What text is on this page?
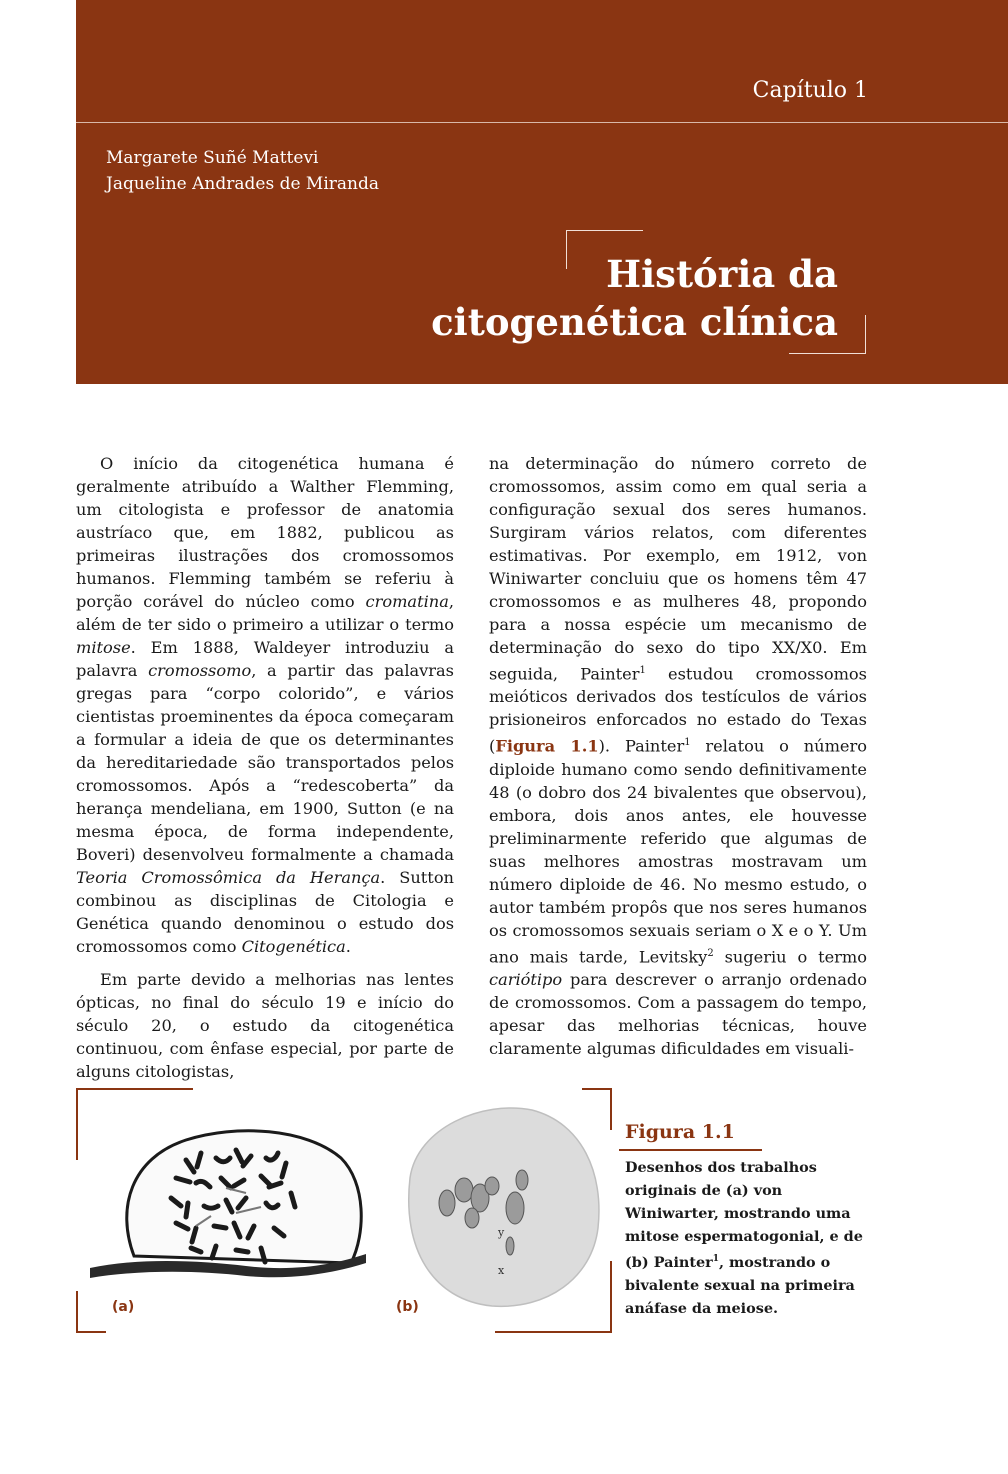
Capítulo 1
Margarete Suñé Mattevi
Jaqueline Andrades de Miranda
História da
citogenética clínica

O início da citogenética humana é geralmente atribuído a Walther Flemming, um citologista e professor de anatomia austríaco que, em 1882, publicou as primeiras ilustrações dos cromossomos humanos. Flemming também se referiu à porção corável do núcleo como cromatina, além de ter sido o primeiro a utilizar o termo mitose. Em 1888, Waldeyer introduziu a palavra cromossomo, a partir das palavras gregas para “corpo colorido”, e vários cientistas proeminentes da época começaram a formular a ideia de que os determinantes da hereditariedade são transportados pelos cromossomos. Após a “redescoberta” da herança mendeliana, em 1900, Sutton (e na mesma época, de forma independente, Boveri) desenvolveu formalmente a chamada Teoria Cromossômica da Herança. Sutton combinou as disciplinas de Citologia e Genética quando denominou o estudo dos cromossomos como Citogenética.

Em parte devido a melhorias nas lentes ópticas, no final do século 19 e início do século 20, o estudo da citogenética continuou, com ênfase especial, por parte de alguns citologistas,

na determinação do número correto de cromossomos, assim como em qual seria a configuração sexual dos seres humanos. Surgiram vários relatos, com diferentes estimativas. Por exemplo, em 1912, von Winiwarter concluiu que os homens têm 47 cromossomos e as mulheres 48, propondo para a nossa espécie um mecanismo de determinação do sexo do tipo XX/X0. Em seguida, Painter$^1$ estudou cromossomos meióticos derivados dos testículos de vários prisioneiros enforcados no estado do Texas (Figura 1.1). Painter$^1$ relatou o número diploide humano como sendo definitivamente 48 (o dobro dos 24 bivalentes que observou), embora, dois anos antes, ele houvesse preliminarmente referido que algumas de suas melhores amostras mostravam um número diploide de 46. No mesmo estudo, o autor também propôs que nos seres humanos os cromossomos sexuais seriam o X e o Y. Um ano mais tarde, Levitsky$^2$ sugeriu o termo cariótipo para descrever o arranjo ordenado de cromossomos. Com a passagem do tempo, apesar das melhorias técnicas, houve claramente algumas dificuldades em visuali-

(a)
y
x
(b)
Figura 1.1
Desenhos dos trabalhos originais de (a) von Winiwarter, mostrando uma mitose espermatogonial, e de (b) Painter$^1$, mostrando o bivalente sexual na primeira anáfase da meiose.
